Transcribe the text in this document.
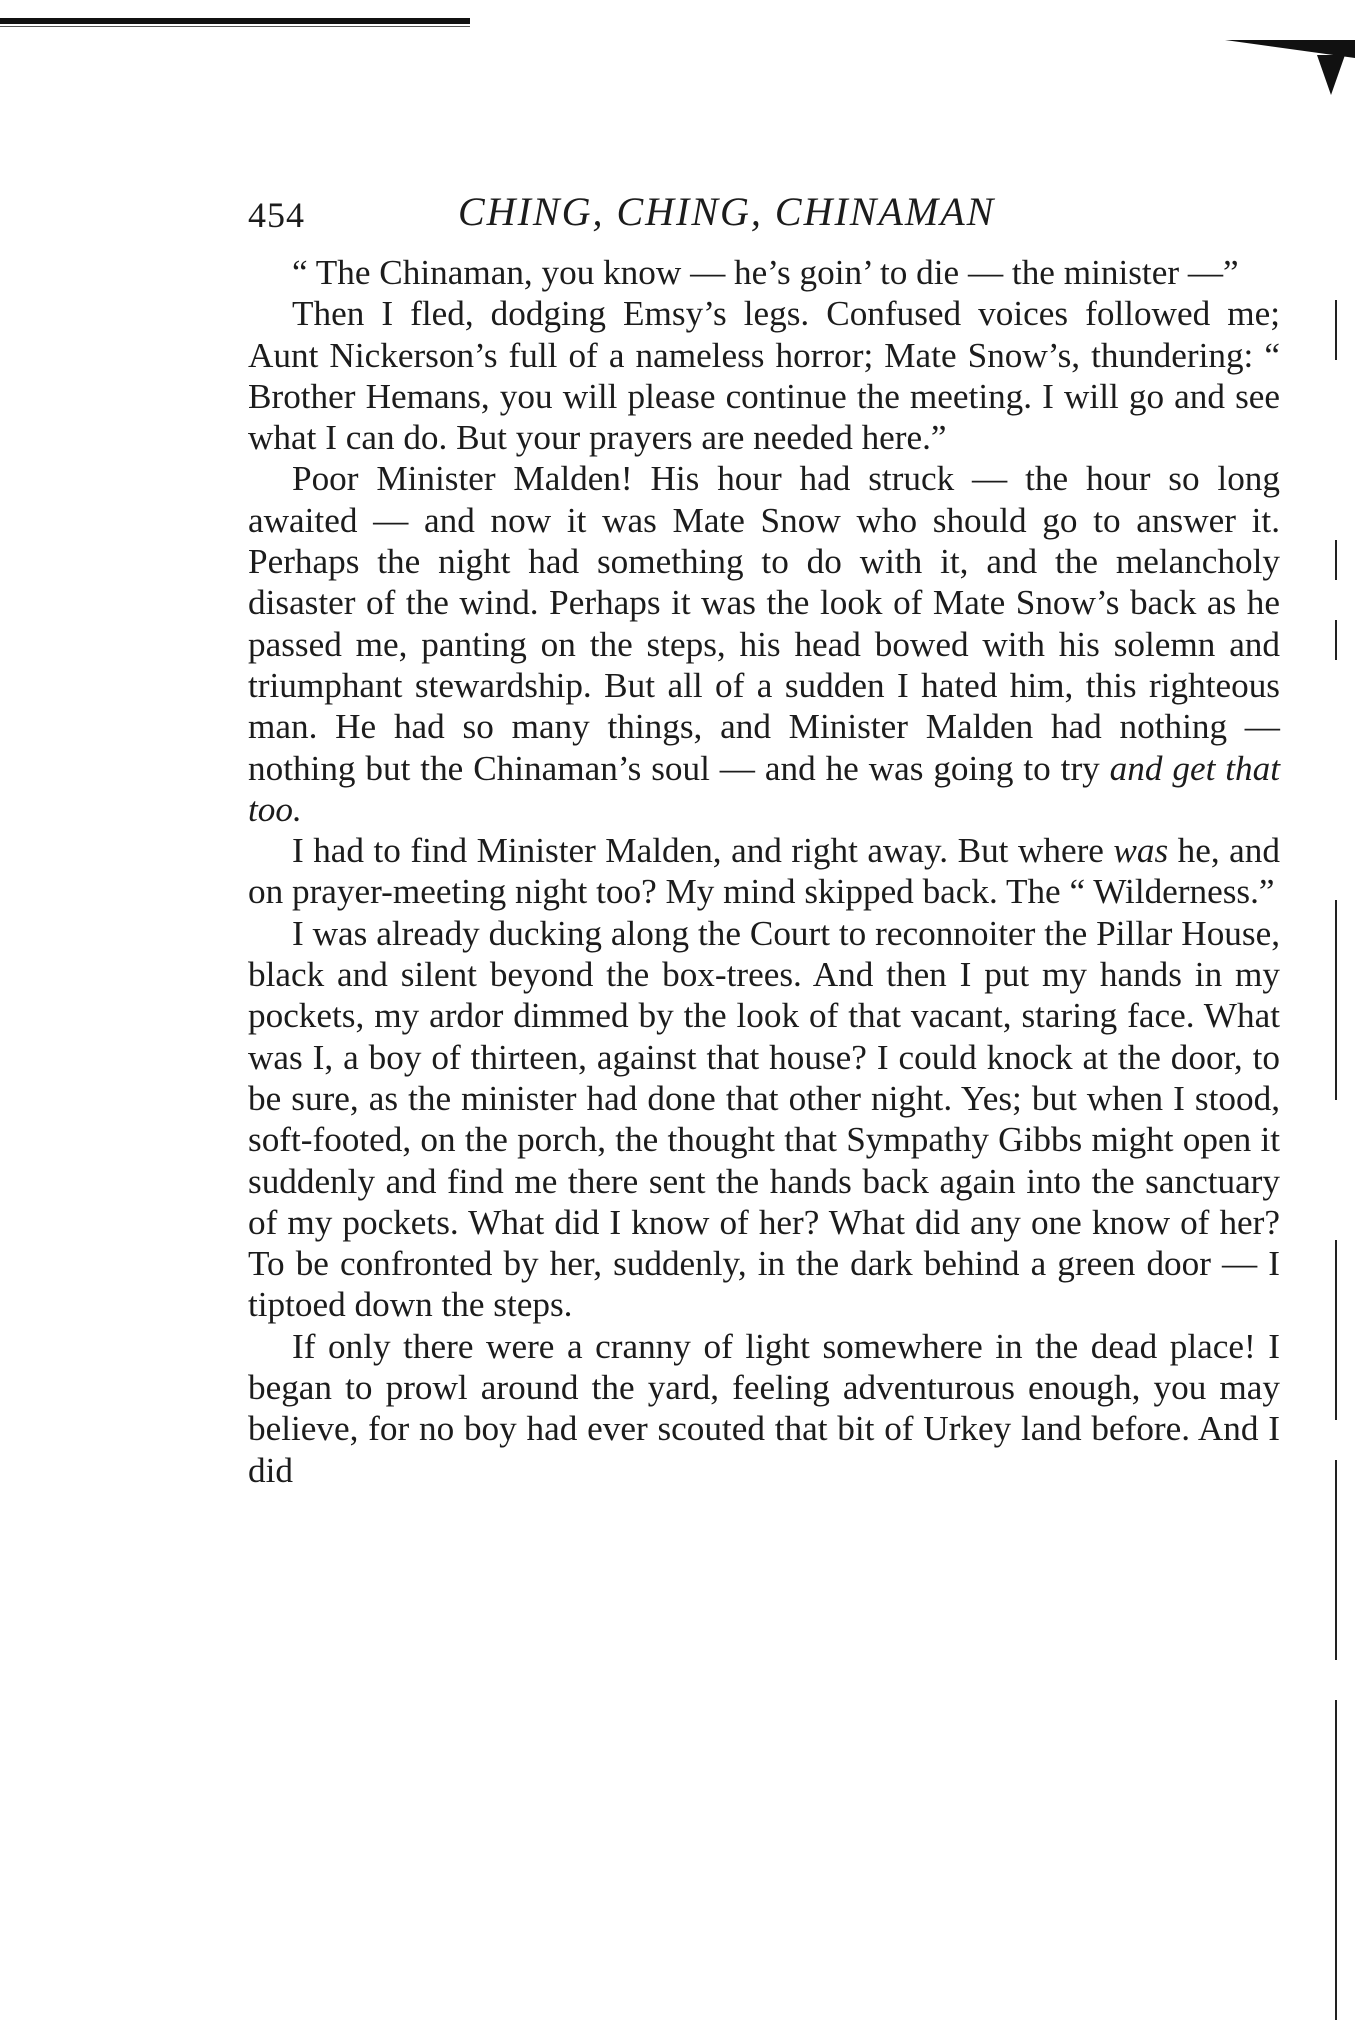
454	CHING, CHING, CHINAMAN

“ The Chinaman, you know — he’s goin’ to die — the minister —”

Then I fled, dodging Emsy’s legs. Confused voices followed me; Aunt Nickerson’s full of a nameless horror; Mate Snow’s, thundering: “ Brother Hemans, you will please continue the meeting. I will go and see what I can do. But your prayers are needed here.”

Poor Minister Malden! His hour had struck — the hour so long awaited — and now it was Mate Snow who should go to answer it. Perhaps the night had something to do with it, and the melancholy disaster of the wind. Perhaps it was the look of Mate Snow’s back as he passed me, panting on the steps, his head bowed with his solemn and triumphant stewardship. But all of a sudden I hated him, this righteous man. He had so many things, and Minister Malden had nothing — nothing but the Chinaman’s soul — and he was going to try and get that too.

I had to find Minister Malden, and right away. But where was he, and on prayer-meeting night too? My mind skipped back. The “ Wilderness.”

I was already ducking along the Court to reconnoiter the Pillar House, black and silent beyond the box-trees. And then I put my hands in my pockets, my ardor dimmed by the look of that vacant, staring face. What was I, a boy of thirteen, against that house? I could knock at the door, to be sure, as the minister had done that other night. Yes; but when I stood, soft-footed, on the porch, the thought that Sympathy Gibbs might open it suddenly and find me there sent the hands back again into the sanctuary of my pockets. What did I know of her? What did any one know of her? To be confronted by her, suddenly, in the dark behind a green door — I tiptoed down the steps.

If only there were a cranny of light somewhere in the dead place! I began to prowl around the yard, feeling adventurous enough, you may believe, for no boy had ever scouted that bit of Urkey land before. And I did
